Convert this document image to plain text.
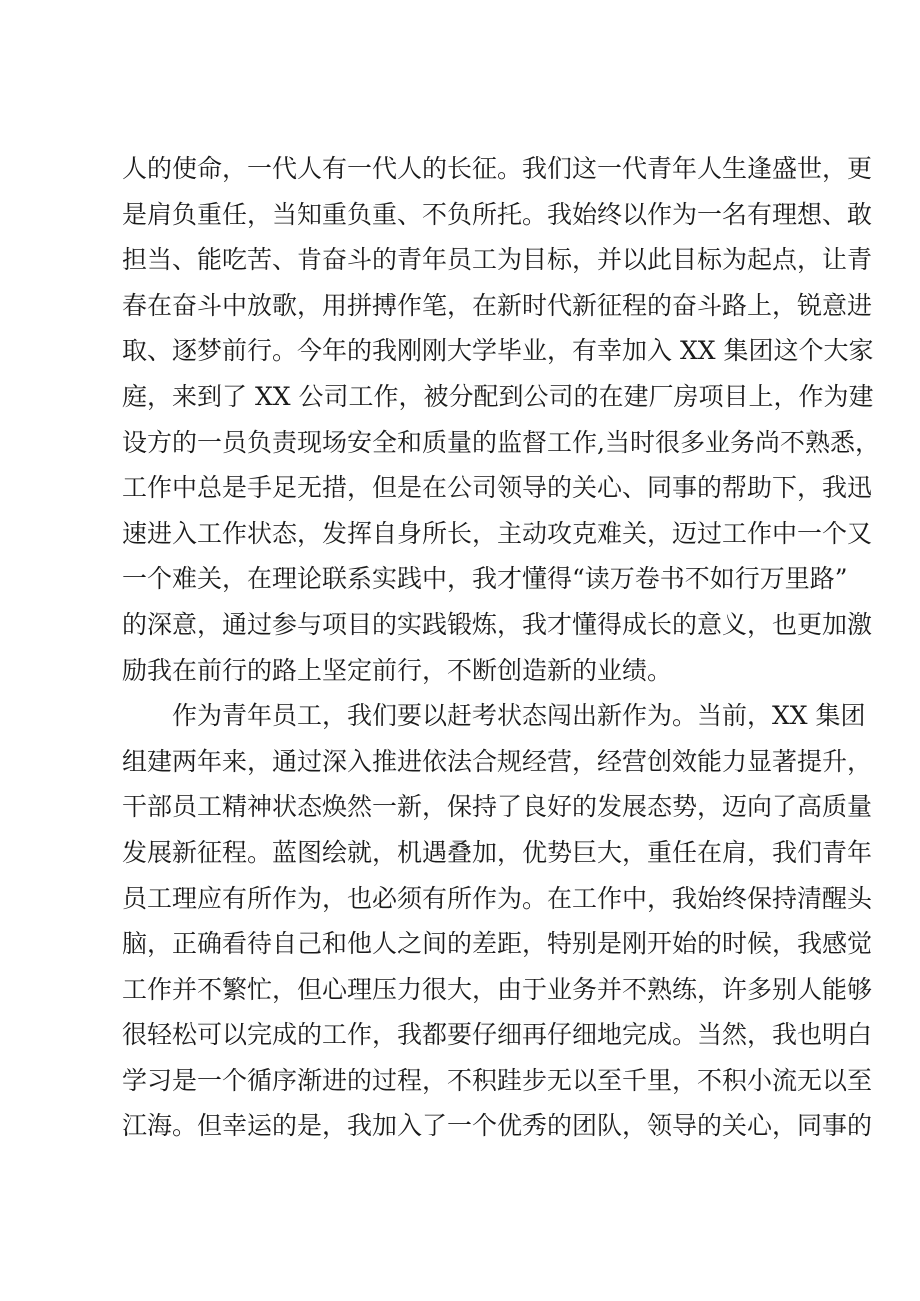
人的使命，一代人有一代人的长征。我们这一代青年人生逢盛世，更
是肩负重任，当知重负重、不负所托。我始终以作为一名有理想、敢
担当、能吃苦、肯奋斗的青年员工为目标，并以此目标为起点，让青
春在奋斗中放歌，用拼搏作笔，在新时代新征程的奋斗路上，锐意进
取、逐梦前行。今年的我刚刚大学毕业，有幸加入 XX 集团这个大家
庭，来到了 XX 公司工作，被分配到公司的在建厂房项目上，作为建
设方的一员负责现场安全和质量的监督工作,当时很多业务尚不熟悉，
工作中总是手足无措，但是在公司领导的关心、同事的帮助下，我迅
速进入工作状态，发挥自身所长，主动攻克难关，迈过工作中一个又
一个难关，在理论联系实践中，我才懂得“读万卷书不如行万里路”
的深意，通过参与项目的实践锻炼，我才懂得成长的意义，也更加激
励我在前行的路上坚定前行，不断创造新的业绩。
作为青年员工，我们要以赶考状态闯出新作为。当前，XX 集团
组建两年来，通过深入推进依法合规经营，经营创效能力显著提升，
干部员工精神状态焕然一新，保持了良好的发展态势，迈向了高质量
发展新征程。蓝图绘就，机遇叠加，优势巨大，重任在肩，我们青年
员工理应有所作为，也必须有所作为。在工作中，我始终保持清醒头
脑，正确看待自己和他人之间的差距，特别是刚开始的时候，我感觉
工作并不繁忙，但心理压力很大，由于业务并不熟练，许多别人能够
很轻松可以完成的工作，我都要仔细再仔细地完成。当然，我也明白
学习是一个循序渐进的过程，不积跬步无以至千里，不积小流无以至
江海。但幸运的是，我加入了一个优秀的团队，领导的关心，同事的
